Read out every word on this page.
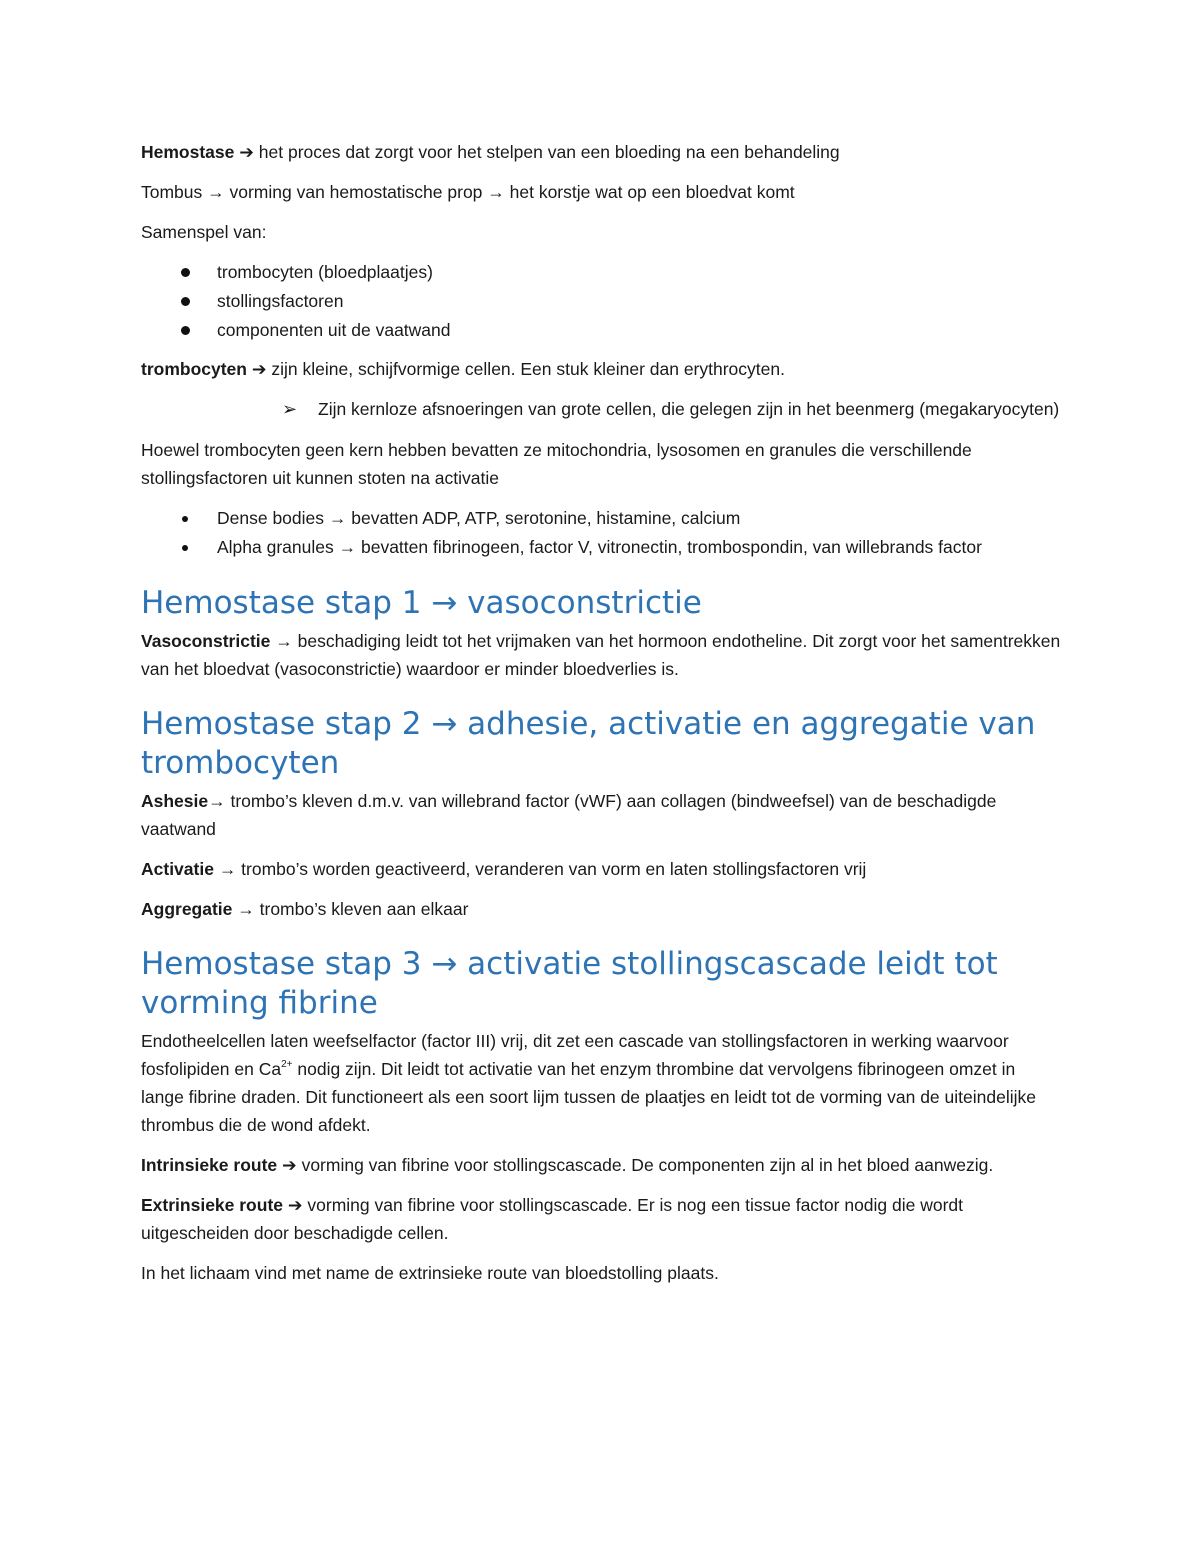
Hemostase ➔ het proces dat zorgt voor het stelpen van een bloeding na een behandeling

Tombus → vorming van hemostatische prop → het korstje wat op een bloedvat komt

Samenspel van:

trombocyten (bloedplaatjes)
stollingsfactoren
componenten uit de vaatwand

trombocyten ➔ zijn kleine, schijfvormige cellen. Een stuk kleiner dan erythrocyten.

➢ Zijn kernloze afsnoeringen van grote cellen, die gelegen zijn in het beenmerg (megakaryocyten)

Hoewel trombocyten geen kern hebben bevatten ze mitochondria, lysosomen en granules die verschillende stollingsfactoren uit kunnen stoten na activatie

Dense bodies → bevatten ADP, ATP, serotonine, histamine, calcium
Alpha granules → bevatten fibrinogeen, factor V, vitronectin, trombospondin, van willebrands factor
Hemostase stap 1 → vasoconstrictie

Vasoconstrictie → beschadiging leidt tot het vrijmaken van het hormoon endotheline. Dit zorgt voor het samentrekken van het bloedvat (vasoconstrictie) waardoor er minder bloedverlies is.

Hemostase stap 2 → adhesie, activatie en aggregatie van trombocyten

Ashesie→ trombo’s kleven d.m.v. van willebrand factor (vWF) aan collagen (bindweefsel) van de beschadigde vaatwand

Activatie → trombo’s worden geactiveerd, veranderen van vorm en laten stollingsfactoren vrij

Aggregatie → trombo’s kleven aan elkaar

Hemostase stap 3 → activatie stollingscascade leidt tot vorming fibrine

Endotheelcellen laten weefselfactor (factor III) vrij, dit zet een cascade van stollingsfactoren in werking waarvoor fosfolipiden en $Ca^{2+}$ nodig zijn. Dit leidt tot activatie van het enzym thrombine dat vervolgens fibrinogeen omzet in lange fibrine draden. Dit functioneert als een soort lijm tussen de plaatjes en leidt tot de vorming van de uiteindelijke thrombus die de wond afdekt.

Intrinsieke route ➔ vorming van fibrine voor stollingscascade. De componenten zijn al in het bloed aanwezig.

Extrinsieke route ➔ vorming van fibrine voor stollingscascade. Er is nog een tissue factor nodig die wordt uitgescheiden door beschadigde cellen.

In het lichaam vind met name de extrinsieke route van bloedstolling plaats.
